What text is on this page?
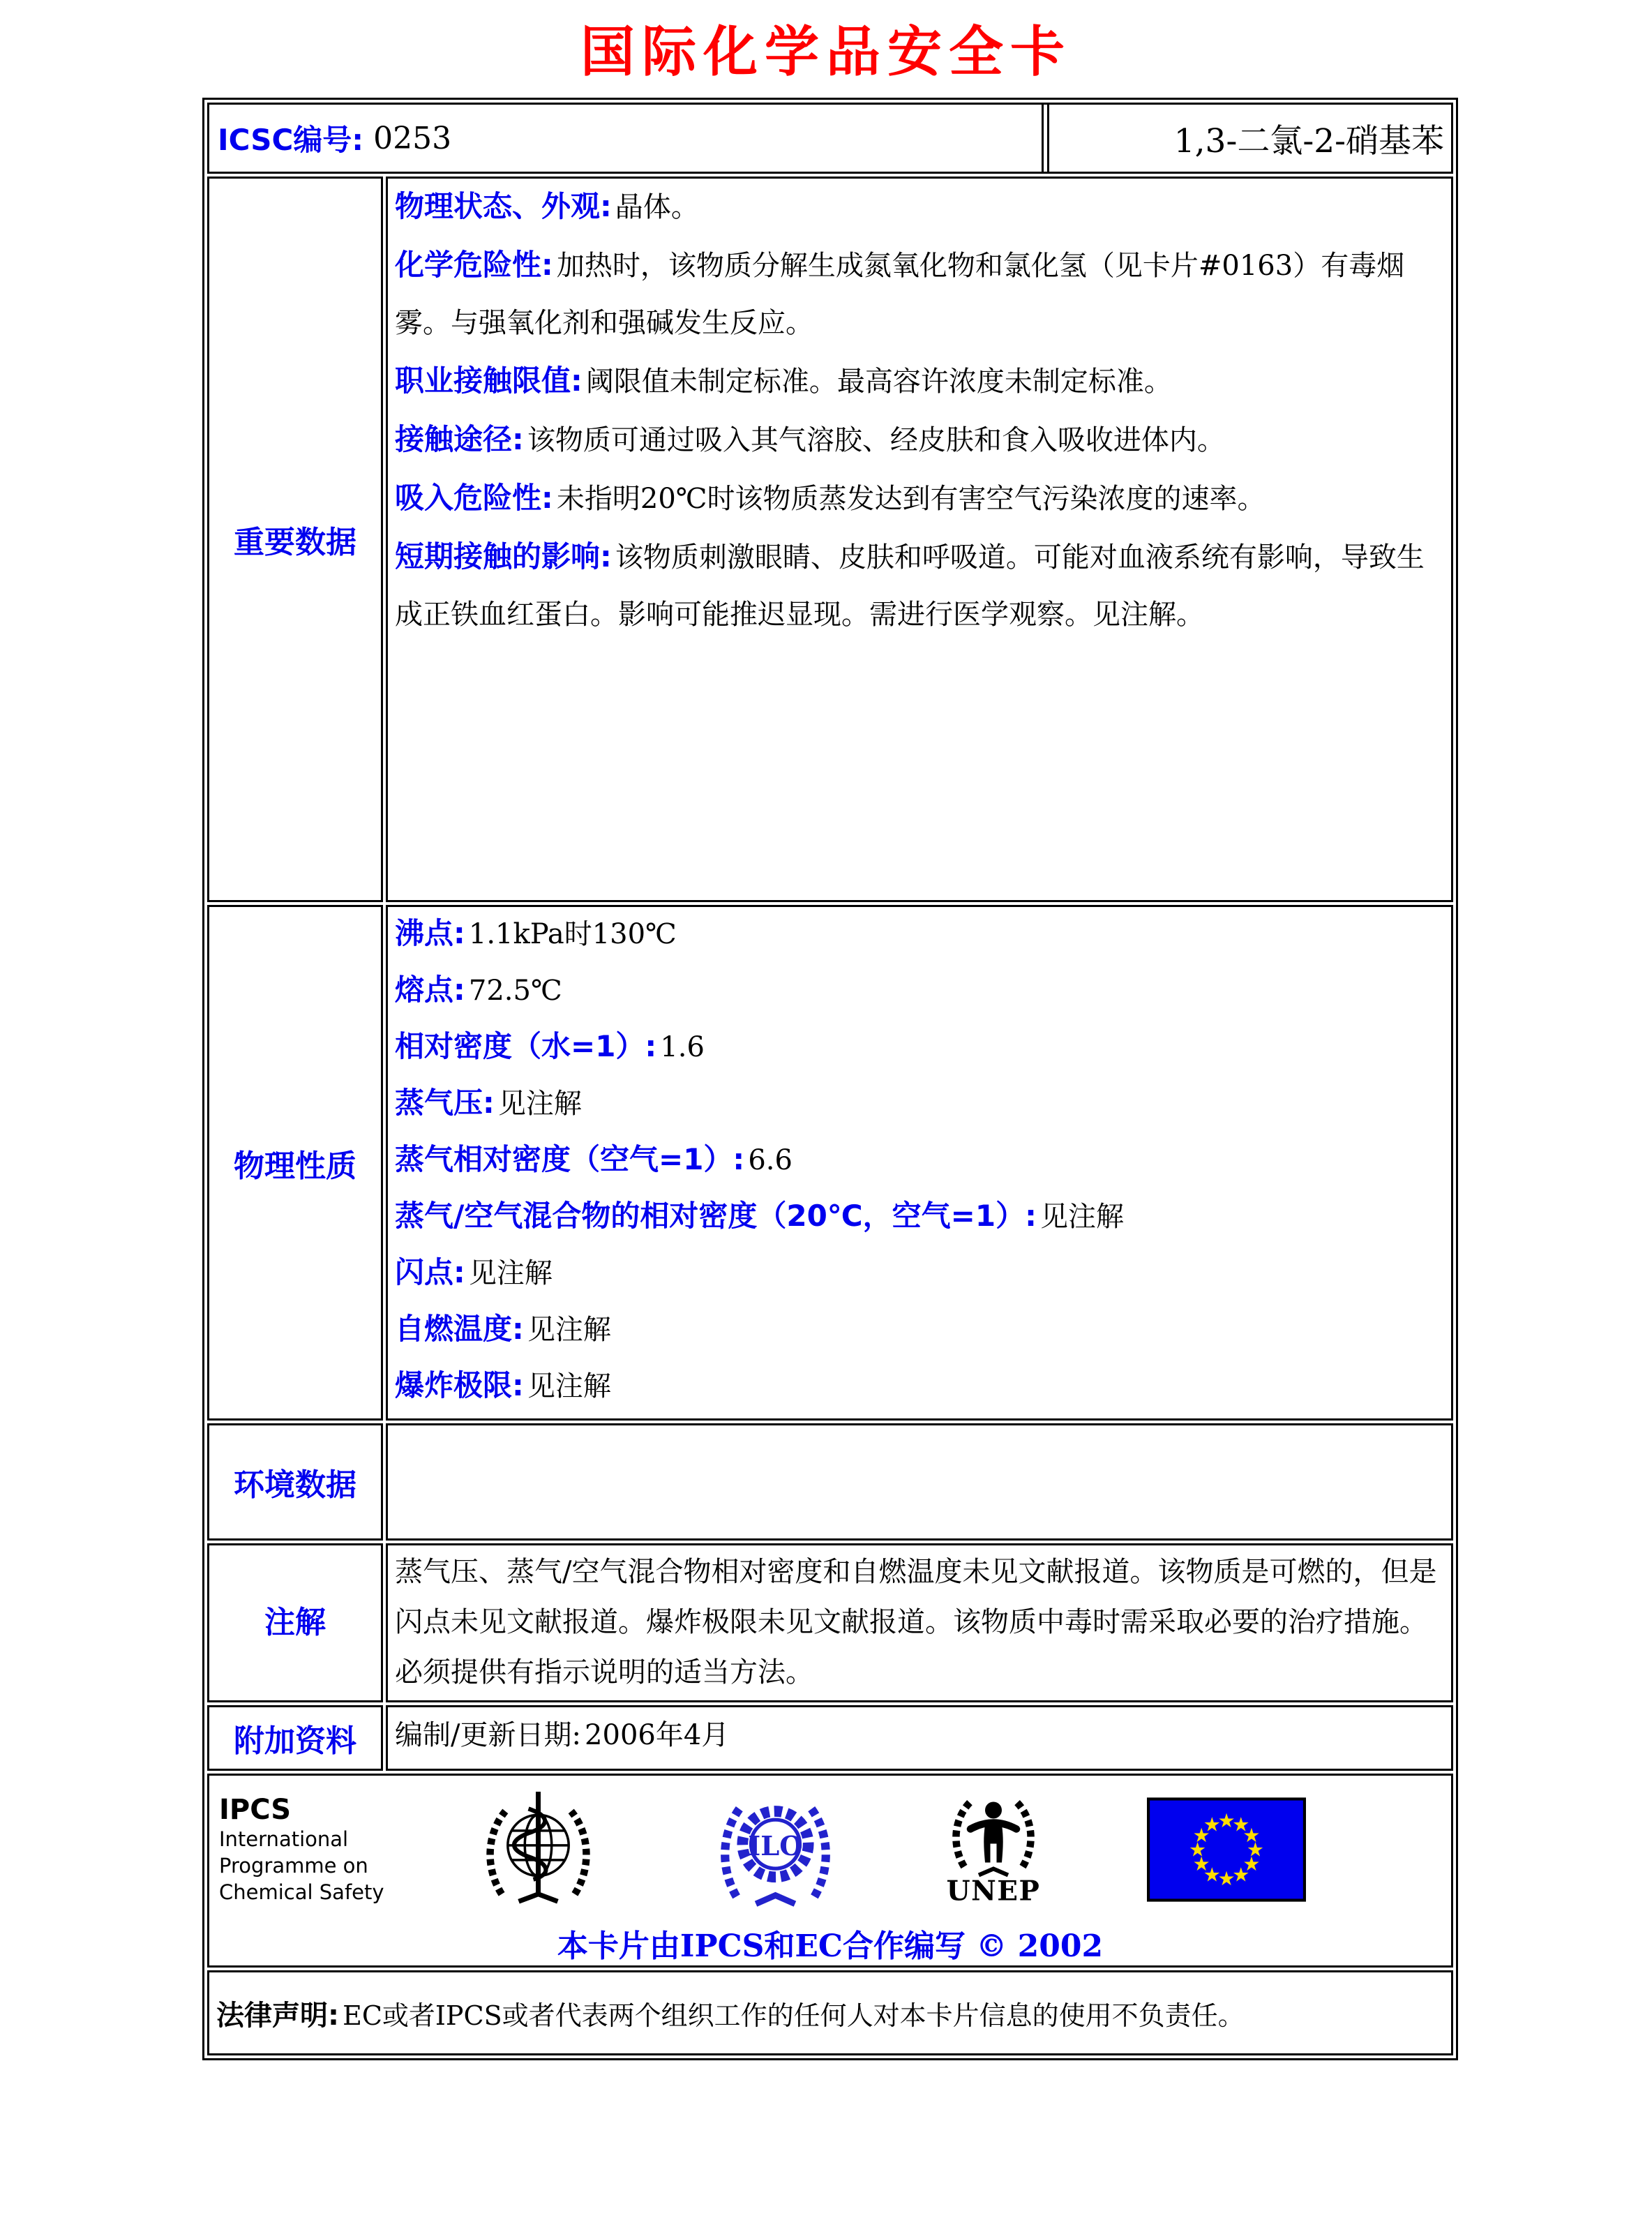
国际化学品安全卡
ICSC编号: 0253 1,3-二氯-2-硝基苯	

重要数据	
物理状态、外观: 晶体。
化学危险性: 加热时，该物质分解生成氮氧化物和氯化氢（见卡片#0163）有毒烟雾。与强氧化剂和强碱发生反应。
职业接触限值: 阈限值未制定标准。最高容许浓度未制定标准。
接触途径: 该物质可通过吸入其气溶胶、经皮肤和食入吸收进体内。
吸入危险性: 未指明20℃时该物质蒸发达到有害空气污染浓度的速率。
短期接触的影响: 该物质刺激眼睛、皮肤和呼吸道。可能对血液系统有影响，导致生成正铁血红蛋白。影响可能推迟显现。需进行医学观察。见注解。

物理性质	
沸点: 1.1kPa时130℃
熔点: 72.5℃
相对密度（水=1）: 1.6
蒸气压: 见注解
蒸气相对密度（空气=1）: 6.6
蒸气/空气混合物的相对密度（20℃，空气=1）: 见注解
闪点: 见注解
自燃温度: 见注解
爆炸极限: 见注解

环境数据	
注解	蒸气压、蒸气/空气混合物相对密度和自燃温度未见文献报道。该物质是可燃的，但是闪点未见文献报道。爆炸极限未见文献报道。该物质中毒时需采取必要的治疗措施。必须提供有指示说明的适当方法。
附加资料	编制/更新日期: 2006年4月

IPCS
International
Programme on
Chemical Safety
ILO
UNEP
★
★
★
★
★
★
★
★
★
★
★
★
本卡片由IPCS和EC合作编写 © 2002

法律声明: EC或者IPCS或者代表两个组织工作的任何人对本卡片信息的使用不负责任。	
